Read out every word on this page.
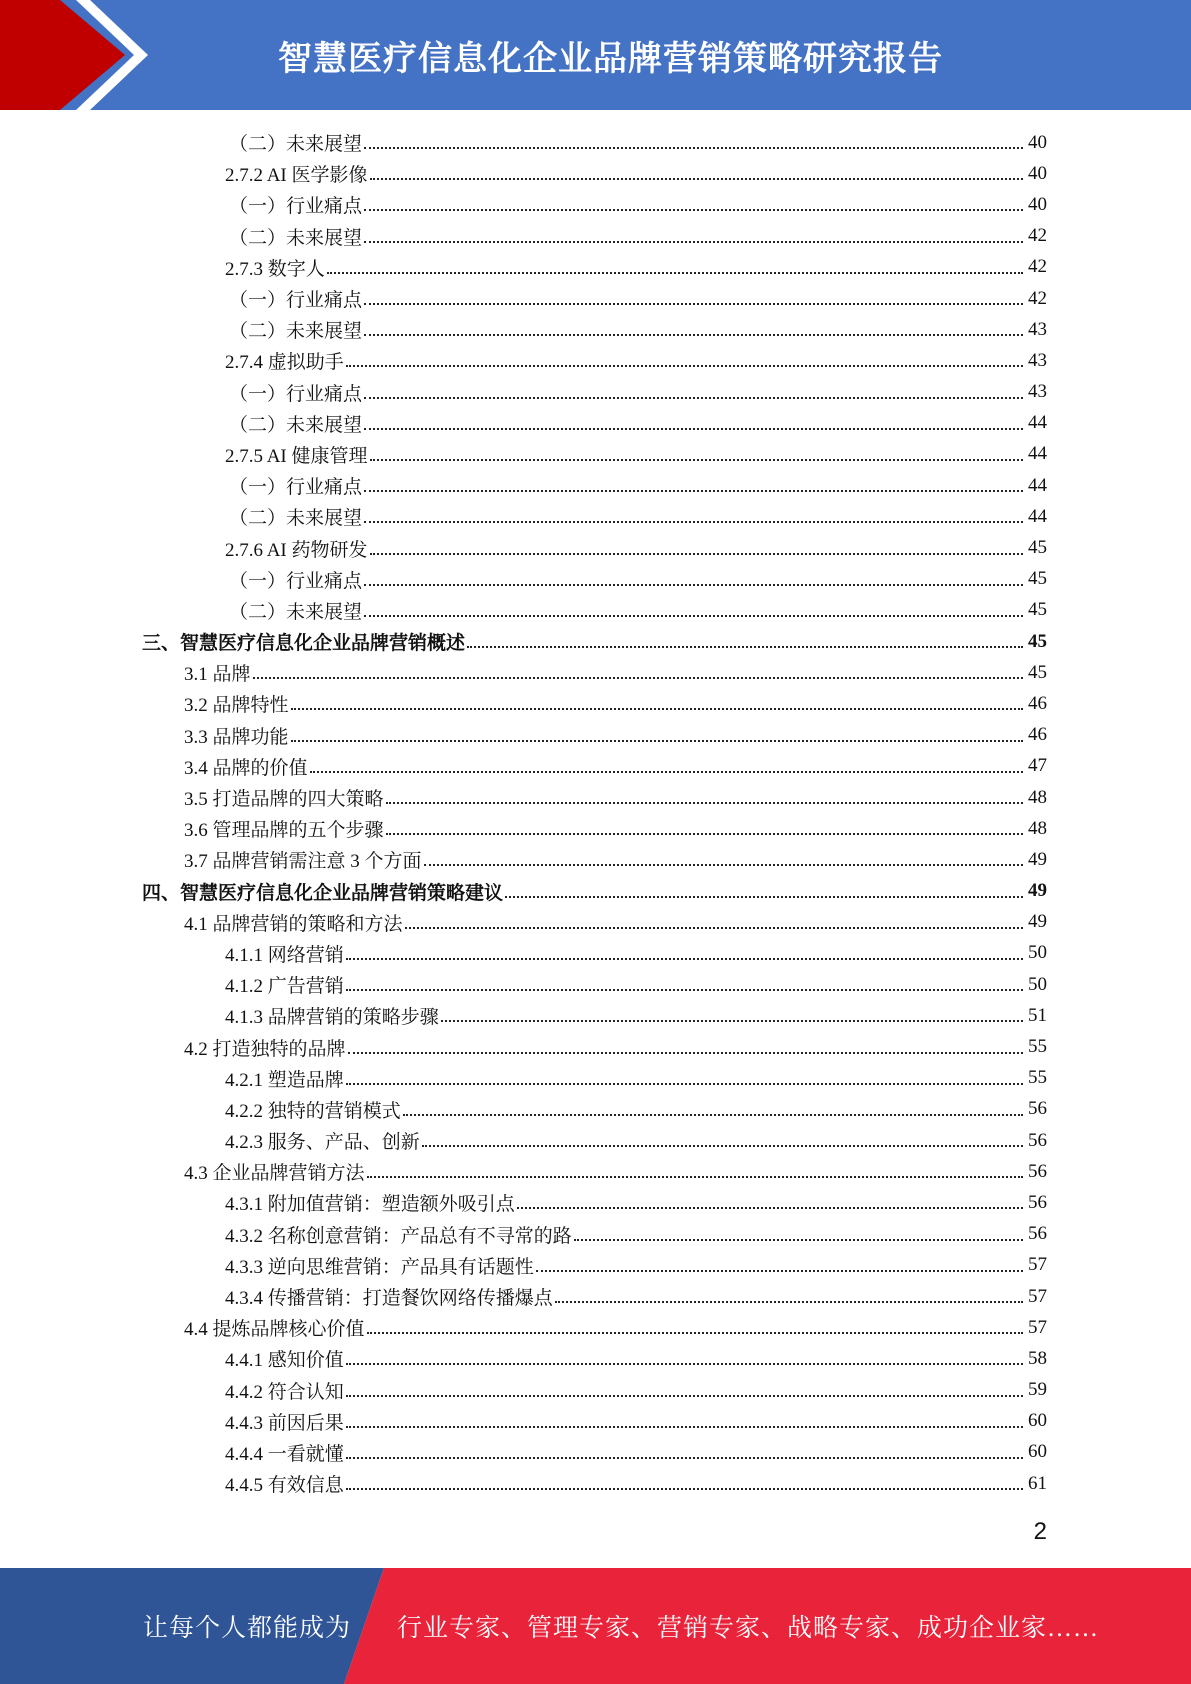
智慧医疗信息化企业品牌营销策略研究报告
（二）未来展望	40
2.7.2 AI 医学影像	40
（一）行业痛点	40
（二）未来展望	42
2.7.3 数字人	42
（一）行业痛点	42
（二）未来展望	43
2.7.4 虚拟助手	43
（一）行业痛点	43
（二）未来展望	44
2.7.5 AI 健康管理	44
（一）行业痛点	44
（二）未来展望	44
2.7.6 AI 药物研发	45
（一）行业痛点	45
（二）未来展望	45
三、智慧医疗信息化企业品牌营销概述	45
3.1 品牌	45
3.2 品牌特性	46
3.3 品牌功能	46
3.4 品牌的价值	47
3.5 打造品牌的四大策略	48
3.6 管理品牌的五个步骤	48
3.7 品牌营销需注意 3 个方面	49
四、智慧医疗信息化企业品牌营销策略建议	49
4.1 品牌营销的策略和方法	49
4.1.1 网络营销	50
4.1.2 广告营销	50
4.1.3 品牌营销的策略步骤	51
4.2 打造独特的品牌	55
4.2.1 塑造品牌	55
4.2.2 独特的营销模式	56
4.2.3 服务、产品、创新	56
4.3 企业品牌营销方法	56
4.3.1 附加值营销：塑造额外吸引点	56
4.3.2 名称创意营销：产品总有不寻常的路	56
4.3.3 逆向思维营销：产品具有话题性	57
4.3.4 传播营销：打造餐饮网络传播爆点	57
4.4 提炼品牌核心价值	57
4.4.1 感知价值	58
4.4.2 符合认知	59
4.4.3 前因后果	60
4.4.4 一看就懂	60
4.4.5 有效信息	61
2
让每个人都能成为 行业专家、管理专家、营销专家、战略专家、成功企业家……
